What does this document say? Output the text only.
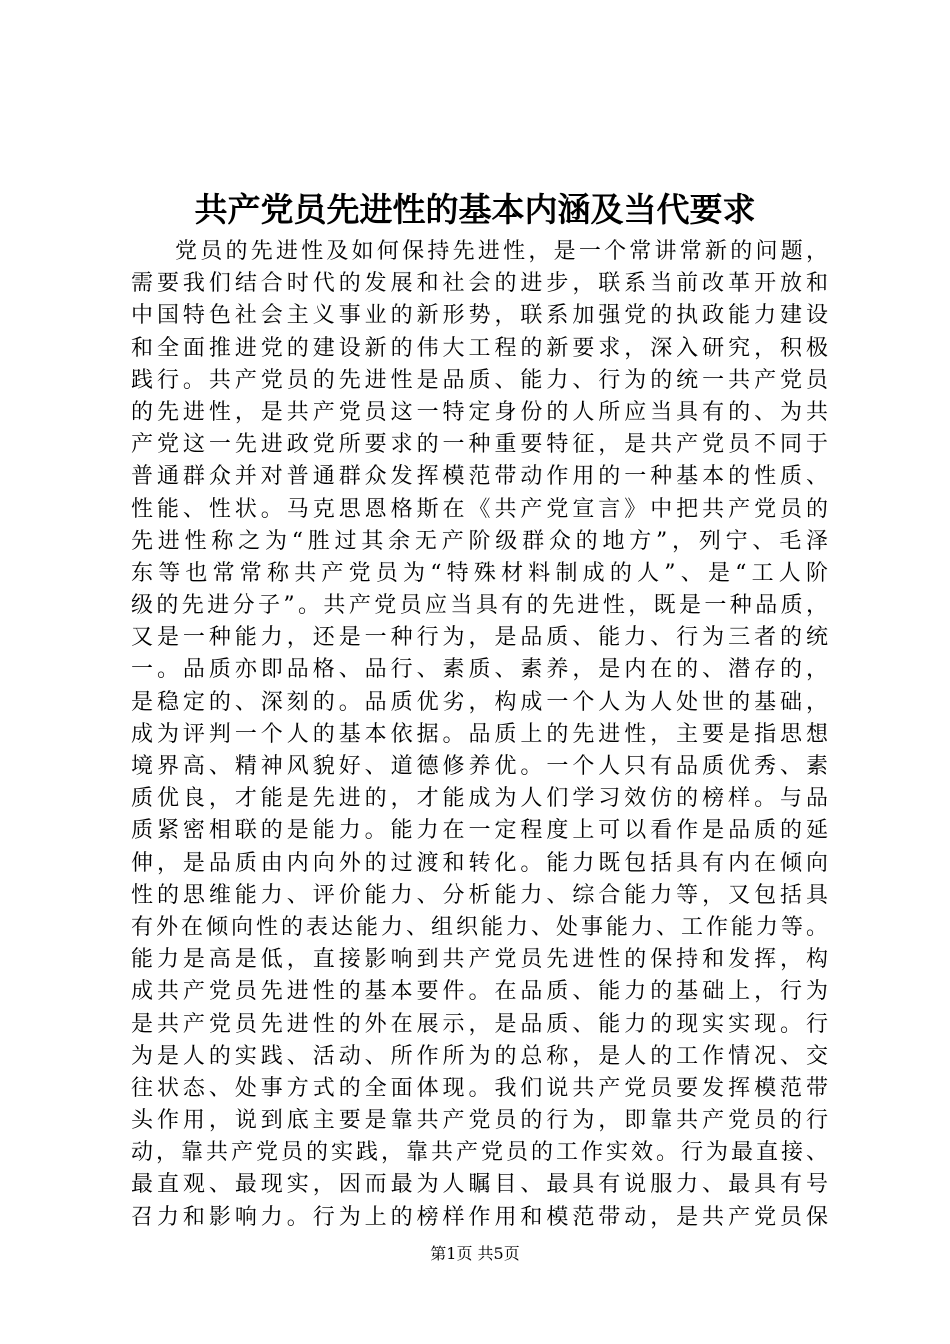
共产党员先进性的基本内涵及当代要求
党员的先进性及如何保持先进性，是一个常讲常新的问题，
需要我们结合时代的发展和社会的进步，联系当前改革开放和
中国特色社会主义事业的新形势，联系加强党的执政能力建设
和全面推进党的建设新的伟大工程的新要求，深入研究，积极
践行。共产党员的先进性是品质、能力、行为的统一共产党员
的先进性，是共产党员这一特定身份的人所应当具有的、为共
产党这一先进政党所要求的一种重要特征，是共产党员不同于
普通群众并对普通群众发挥模范带动作用的一种基本的性质、
性能、性状。马克思恩格斯在《共产党宣言》中把共产党员的
先进性称之为“胜过其余无产阶级群众的地方”，列宁、毛泽
东等也常常称共产党员为“特殊材料制成的人”、是“工人阶
级的先进分子”。共产党员应当具有的先进性，既是一种品质，
又是一种能力，还是一种行为，是品质、能力、行为三者的统
一。品质亦即品格、品行、素质、素养，是内在的、潜存的，
是稳定的、深刻的。品质优劣，构成一个人为人处世的基础，
成为评判一个人的基本依据。品质上的先进性，主要是指思想
境界高、精神风貌好、道德修养优。一个人只有品质优秀、素
质优良，才能是先进的，才能成为人们学习效仿的榜样。与品
质紧密相联的是能力。能力在一定程度上可以看作是品质的延
伸，是品质由内向外的过渡和转化。能力既包括具有内在倾向
性的思维能力、评价能力、分析能力、综合能力等，又包括具
有外在倾向性的表达能力、组织能力、处事能力、工作能力等。
能力是高是低，直接影响到共产党员先进性的保持和发挥，构
成共产党员先进性的基本要件。在品质、能力的基础上，行为
是共产党员先进性的外在展示，是品质、能力的现实实现。行
为是人的实践、活动、所作所为的总称，是人的工作情况、交
往状态、处事方式的全面体现。我们说共产党员要发挥模范带
头作用，说到底主要是靠共产党员的行为，即靠共产党员的行
动，靠共产党员的实践，靠共产党员的工作实效。行为最直接、
最直观、最现实，因而最为人瞩目、最具有说服力、最具有号
召力和影响力。行为上的榜样作用和模范带动，是共产党员保
第1页 共5页
